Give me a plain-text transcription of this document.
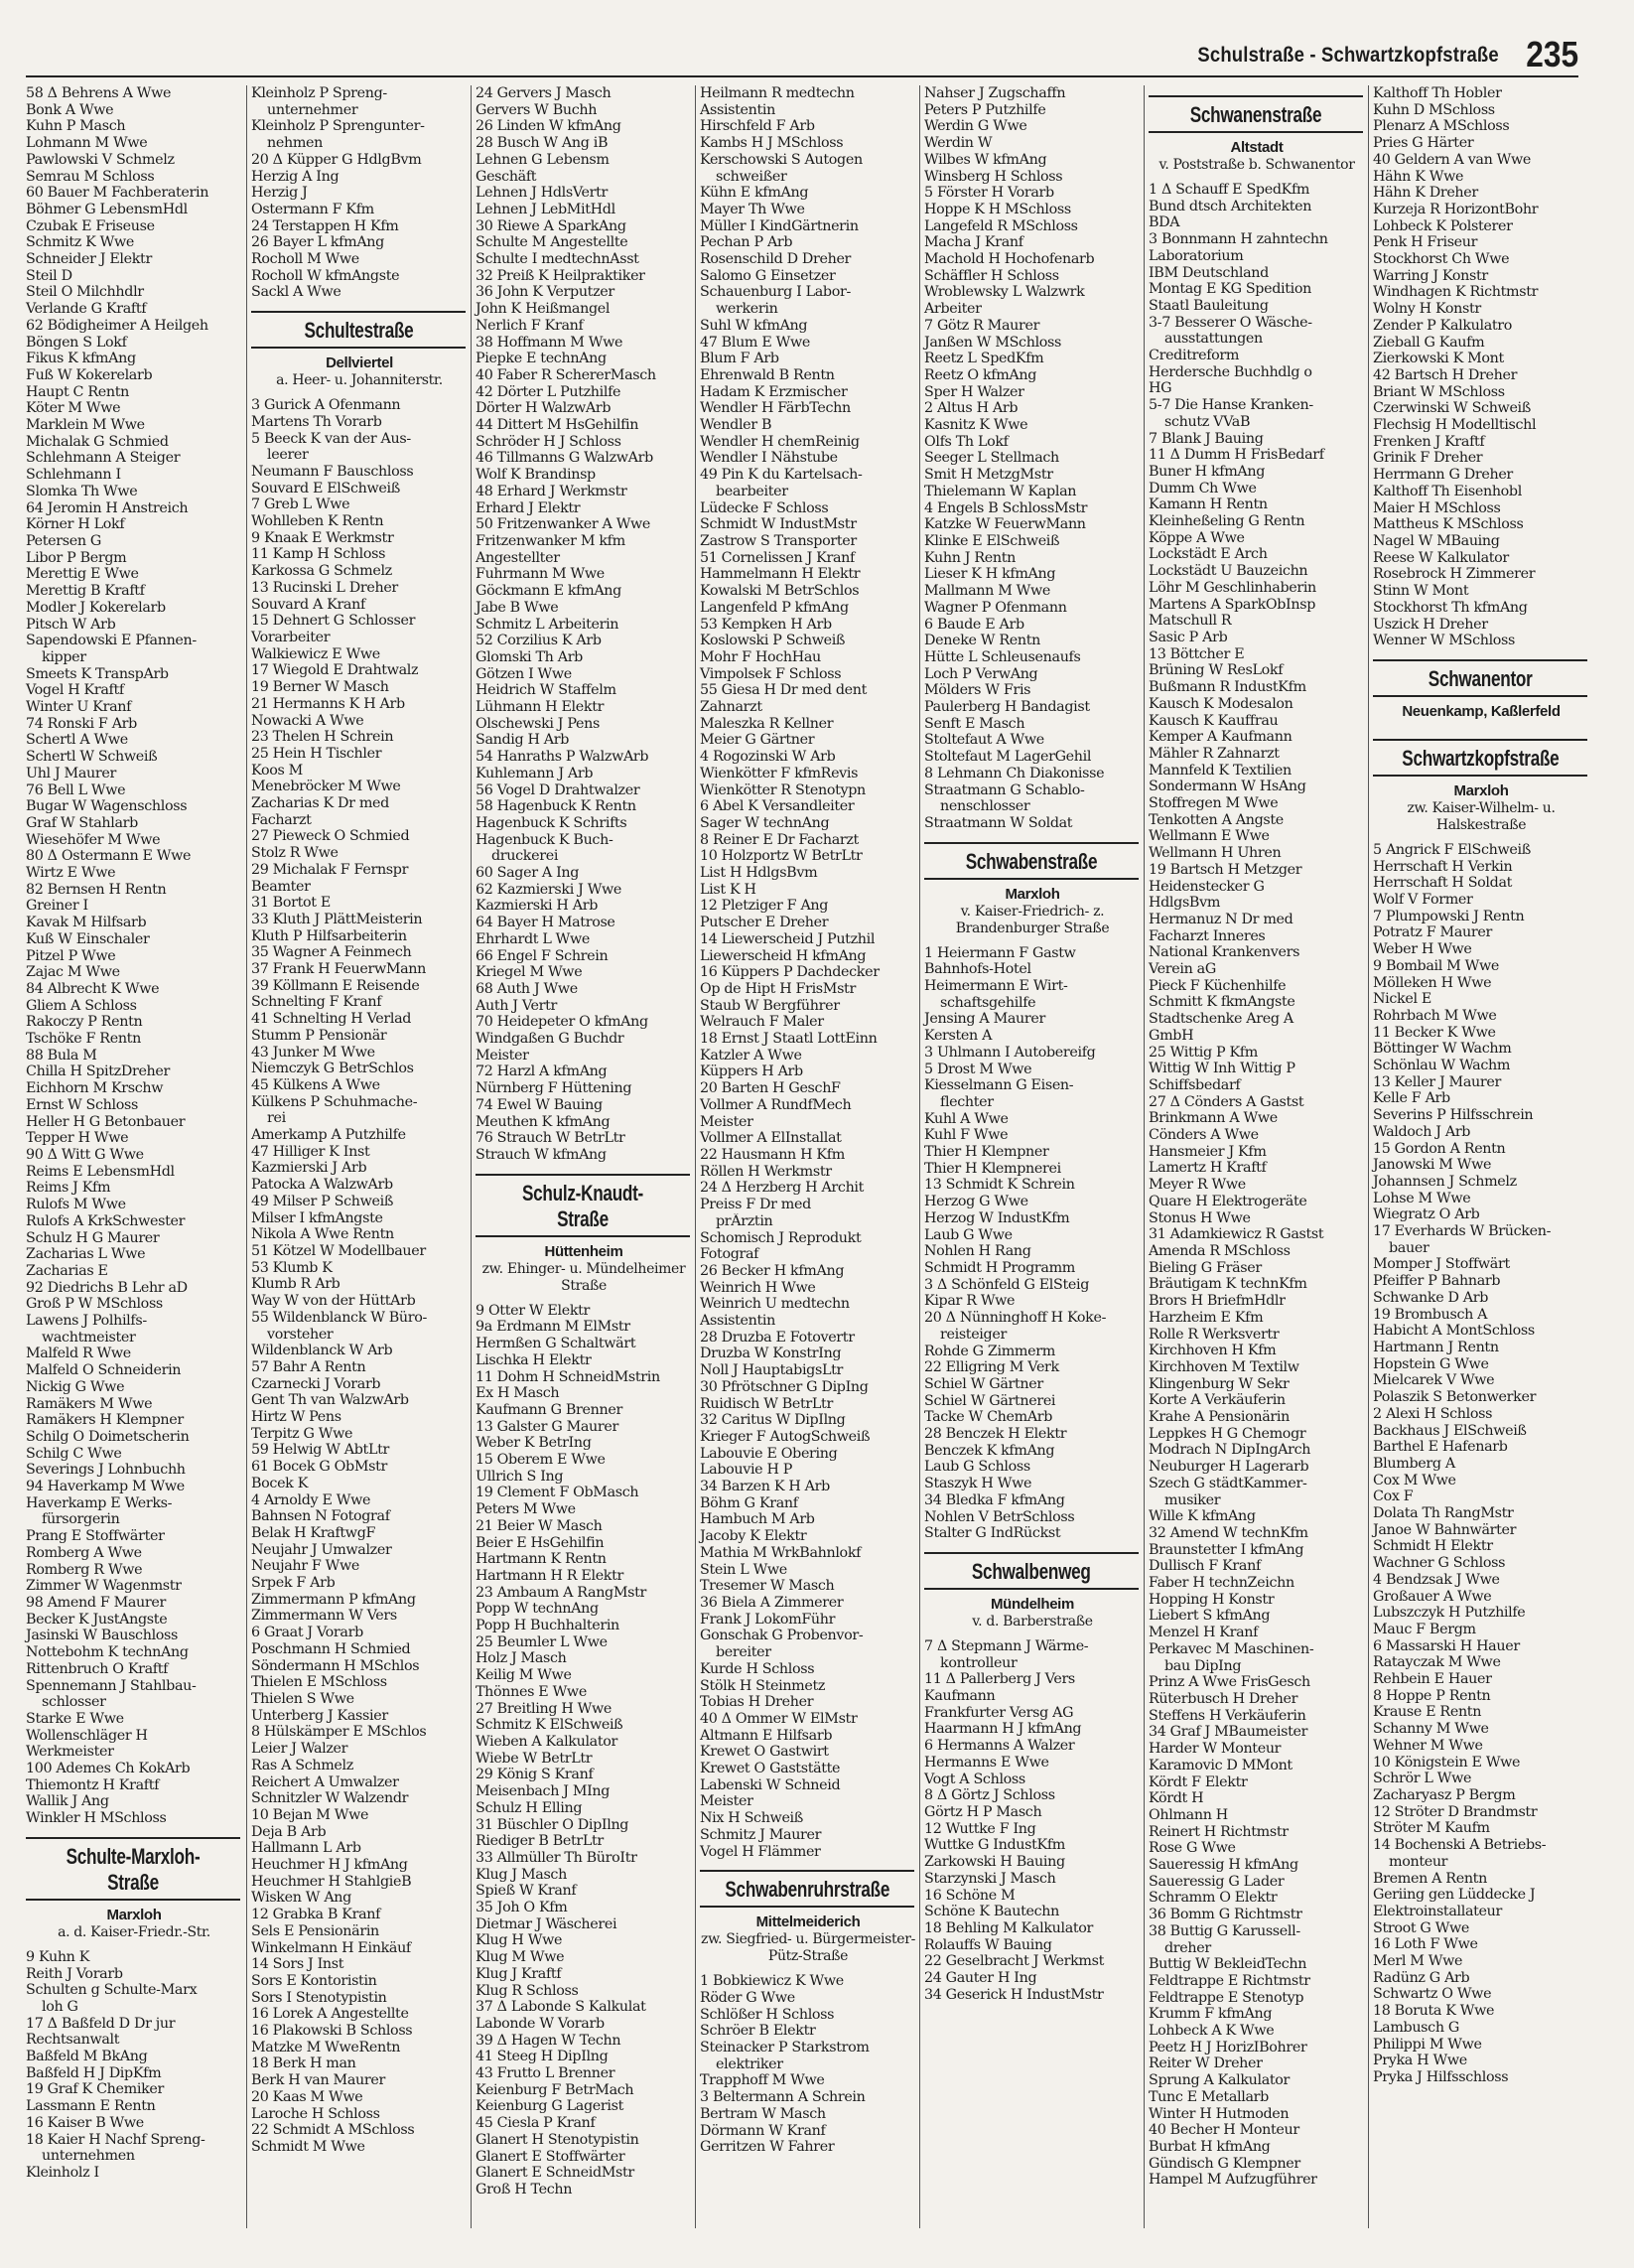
Schulstraße - Schwartzkopfstraße 235
58 Δ Behrens A Wwe
Bonk A Wwe
Kuhn P Masch
Lohmann M Wwe
Pawlowski V Schmelz
Semrau M Schloss
60 Bauer M Fachberaterin
Böhmer G LebensmHdl
Czubak E Friseuse
Schmitz K Wwe
Schneider J Elektr
Steil D
Steil O Milchhdlr
Verlande G Kraftf
62 Bödigheimer A Heilgeh
Böngen S Lokf
Fikus K kfmAng
Fuß W Kokerelarb
Haupt C Rentn
Köter M Wwe
Marklein M Wwe
Michalak G Schmied
Schlehmann A Steiger
Schlehmann I
Slomka Th Wwe
64 Jeromin H Anstreich
Körner H Lokf
Petersen G
Libor P Bergm
Merettig E Wwe
Merettig B Kraftf
Modler J Kokerelarb
Pitsch W Arb
Sapendowski E Pfannen-
kipper
Smeets K TranspArb
Vogel H Kraftf
Winter U Kranf
74 Ronski F Arb
Schertl A Wwe
Schertl W Schweiß
Uhl J Maurer
76 Bell L Wwe
Bugar W Wagenschloss
Graf W Stahlarb
Wiesehöfer M Wwe
80 Δ Ostermann E Wwe
Wirtz E Wwe
82 Bernsen H Rentn
Greiner I
Kavak M Hilfsarb
Kuß W Einschaler
Pitzel P Wwe
Zajac M Wwe
84 Albrecht K Wwe
Gliem A Schloss
Rakoczy P Rentn
Tschöke F Rentn
88 Bula M
Chilla H SpitzDreher
Eichhorn M Krschw
Ernst W Schloss
Heller H G Betonbauer
Tepper H Wwe
90 Δ Witt G Wwe
Reims E LebensmHdl
Reims J Kfm
Rulofs M Wwe
Rulofs A KrkSchwester
Schulz H G Maurer
Zacharias L Wwe
Zacharias E
92 Diedrichs B Lehr aD
Groß P W MSchloss
Lawens J Polhilfs-
wachtmeister
Malfeld R Wwe
Malfeld O Schneiderin
Nickig G Wwe
Ramäkers M Wwe
Ramäkers H Klempner
Schilg O Doimetscherin
Schilg C Wwe
Severings J Lohnbuchh
94 Haverkamp M Wwe
Haverkamp E Werks-
fürsorgerin
Prang E Stoffwärter
Romberg A Wwe
Romberg R Wwe
Zimmer W Wagenmstr
98 Amend F Maurer
Becker K JustAngste
Jasinski W Bauschloss
Nottebohm K technAng
Rittenbruch O Kraftf
Spennemann J Stahlbau-
schlosser
Starke E Wwe
Wollenschläger H
Werkmeister
100 Ademes Ch KokArb
Thiemontz H Kraftf
Wallik J Ang
Winkler H MSchloss
Schulte-Marxloh-Straße
Marxloh
a. d. Kaiser-Friedr.-Str.
9 Kuhn K
Reith J Vorarb
Schulten g Schulte-Marx
loh G
17 Δ Baßfeld D Dr jur
Rechtsanwalt
Baßfeld M BkAng
Baßfeld H J DipKfm
19 Graf K Chemiker
Lassmann E Rentn
16 Kaiser B Wwe
18 Kaier H Nachf Spreng-
unternehmen
Kleinholz I
Kleinholz P Spreng-
unternehmer
Kleinholz P Sprengunter-
nehmen
20 Δ Küpper G HdlgBvm
Herzig A Ing
Herzig J
Ostermann F Kfm
24 Terstappen H Kfm
26 Bayer L kfmAng
Rocholl M Wwe
Rocholl W kfmAngste
Sackl A Wwe
Schultestraße
Dellviertel
a. Heer- u. Johanniterstr.
3 Gurick A Ofenmann
Martens Th Vorarb
5 Beeck K van der Aus-
leerer
Neumann F Bauschloss
Souvard E ElSchweiß
7 Greb L Wwe
Wohlleben K Rentn
9 Knaak E Werkmstr
11 Kamp H Schloss
Karkossa G Schmelz
13 Rucinski L Dreher
Souvard A Kranf
15 Dehnert G Schlosser
Vorarbeiter
Walkiewicz E Wwe
17 Wiegold E Drahtwalz
19 Berner W Masch
21 Hermanns K H Arb
Nowacki A Wwe
23 Thelen H Schrein
25 Hein H Tischler
Koos M
Menebröcker M Wwe
Zacharias K Dr med
Facharzt
27 Pieweck O Schmied
Stolz R Wwe
29 Michalak F Fernspr
Beamter
31 Bortot E
33 Kluth J PlättMeisterin
Kluth P Hilfsarbeiterin
35 Wagner A Feinmech
37 Frank H FeuerwMann
39 Köllmann E Reisende
Schnelting F Kranf
41 Schnelting H Verlad
Stumm P Pensionär
43 Junker M Wwe
Niemczyk G BetrSchlos
45 Külkens A Wwe
Külkens P Schuhmache-
rei
Amerkamp A Putzhilfe
47 Hilliger K Inst
Kazmierski J Arb
Patocka A WalzwArb
49 Milser P Schweiß
Milser I kfmAngste
Nikola A Wwe Rentn
51 Kötzel W Modellbauer
53 Klumb K
Klumb R Arb
Way W von der HüttArb
55 Wildenblanck W Büro-
vorsteher
Wildenblanck W Arb
57 Bahr A Rentn
Czarnecki J Vorarb
Gent Th van WalzwArb
Hirtz W Pens
Terpitz G Wwe
59 Helwig W AbtLtr
61 Bocek G ObMstr
Bocek K
4 Arnoldy E Wwe
Bahnsen N Fotograf
Belak H KraftwgF
Neujahr J Umwalzer
Neujahr F Wwe
Srpek F Arb
Zimmermann P kfmAng
Zimmermann W Vers
6 Graat J Vorarb
Poschmann H Schmied
Söndermann H MSchlos
Thielen E MSchloss
Thielen S Wwe
Unterberg J Kassier
8 Hülskämper E MSchlos
Leier J Walzer
Ras A Schmelz
Reichert A Umwalzer
Schnitzler W Walzendr
10 Bejan M Wwe
Deja B Arb
Hallmann L Arb
Heuchmer H J kfmAng
Heuchmer H StahlgieB
Wisken W Ang
12 Grabka B Kranf
Sels E Pensionärin
Winkelmann H Einkäuf
14 Sors J Inst
Sors E Kontoristin
Sors I Stenotypistin
16 Lorek A Angestellte
16 Plakowski B Schloss
Matzke M WweRentn
18 Berk H man
Berk H van Maurer
20 Kaas M Wwe
Laroche H Schloss
22 Schmidt A MSchloss
Schmidt M Wwe
24 Gervers J Masch
Gervers W Buchh
26 Linden W kfmAng
28 Busch W Ang iB
Lehnen G Lebensm
Geschäft
Lehnen J HdlsVertr
Lehnen J LebMitHdl
30 Riewe A SparkAng
Schulte M Angestellte
Schulte I medtechnAsst
32 Preiß K Heilpraktiker
36 John K Verputzer
John K Heißmangel
Nerlich F Kranf
38 Hoffmann M Wwe
Piepke E technAng
40 Faber R SchererMasch
42 Dörter L Putzhilfe
Dörter H WalzwArb
44 Dittert M HsGehilfin
Schröder H J Schloss
46 Tillmanns G WalzwArb
Wolf K Brandinsp
48 Erhard J Werkmstr
Erhard J Elektr
50 Fritzenwanker A Wwe
Fritzenwanker M kfm
Angestellter
Fuhrmann M Wwe
Göckmann E kfmAng
Jabe B Wwe
Schmitz L Arbeiterin
52 Corzilius K Arb
Glomski Th Arb
Götzen I Wwe
Heidrich W Staffelm
Lühmann H Elektr
Olschewski J Pens
Sandig H Arb
54 Hanraths P WalzwArb
Kuhlemann J Arb
56 Vogel D Drahtwalzer
58 Hagenbuck K Rentn
Hagenbuck K Schrifts
Hagenbuck K Buch-
druckerei
60 Sager A Ing
62 Kazmierski J Wwe
Kazmierski H Arb
64 Bayer H Matrose
Ehrhardt L Wwe
66 Engel F Schrein
Kriegel M Wwe
68 Auth J Wwe
Auth J Vertr
70 Heidepeter O kfmAng
Windgaßen G Buchdr
Meister
72 Harzl A kfmAng
Nürnberg F Hüttening
74 Ewel W Bauing
Meuthen K kfmAng
76 Strauch W BetrLtr
Strauch W kfmAng
Schulz-Knaudt-Straße
Hüttenheim
zw. Ehinger- u. Mündelheimer Straße
9 Otter W Elektr
9a Erdmann M ElMstr
Hermßen G Schaltwärt
Lischka H Elektr
11 Dohm H SchneidMstrin
Ex H Masch
Kaufmann G Brenner
13 Galster G Maurer
Weber K BetrIng
15 Oberem E Wwe
Ullrich S Ing
19 Clement F ObMasch
Peters M Wwe
21 Beier W Masch
Beier E HsGehilfin
Hartmann K Rentn
Hartmann H R Elektr
23 Ambaum A RangMstr
Popp W technAng
Popp H Buchhalterin
25 Beumler L Wwe
Holz J Masch
Keilig M Wwe
Thönnes E Wwe
27 Breitling H Wwe
Schmitz K ElSchweiß
Wieben A Kalkulator
Wiebe W BetrLtr
29 König S Kranf
Meisenbach J MIng
Schulz H Elling
31 Büschler O DipIlng
Riediger B BetrLtr
33 Allmüller Th BüroItr
Klug J Masch
Spieß W Kranf
35 Joh O Kfm
Dietmar J Wäscherei
Klug H Wwe
Klug M Wwe
Klug J Kraftf
Klug R Schloss
37 Δ Labonde S Kalkulat
Labonde W Vorarb
39 Δ Hagen W Techn
41 Steeg H DipIlng
43 Frutto L Brenner
Keienburg F BetrMach
Keienburg G Lagerist
45 Ciesla P Kranf
Glanert H Stenotypistin
Glanert E Stoffwärter
Glanert E SchneidMstr
Groß H Techn
Heilmann R medtechn
Assistentin
Hirschfeld F Arb
Kambs H J MSchloss
Kerschowski S Autogen
schweißer
Kühn E kfmAng
Mayer Th Wwe
Müller I KindGärtnerin
Pechan P Arb
Rosenschild D Dreher
Salomo G Einsetzer
Schauenburg I Labor-
werkerin
Suhl W kfmAng
47 Blum E Wwe
Blum F Arb
Ehrenwald B Rentn
Hadam K Erzmischer
Wendler H FärbTechn
Wendler B
Wendler H chemReinig
Wendler I Nähstube
49 Pin K du Kartelsach-
bearbeiter
Lüdecke F Schloss
Schmidt W IndustMstr
Zastrow S Transporter
51 Cornelissen J Kranf
Hammelmann H Elektr
Kowalski M BetrSchlos
Langenfeld P kfmAng
53 Kempken H Arb
Koslowski P Schweiß
Mohr F HochHau
Vimpolsek F Schloss
55 Giesa H Dr med dent
Zahnarzt
Maleszka R Kellner
Meier G Gärtner
4 Rogozinski W Arb
Wienkötter F kfmRevis
Wienkötter R Stenotypn
6 Abel K Versandleiter
Sager W technAng
8 Reiner E Dr Facharzt
10 Holzportz W BetrLtr
List H HdlgsBvm
List K H
12 Pletziger F Ang
Putscher E Dreher
14 Liewerscheid J Putzhil
Liewerscheid H kfmAng
16 Küppers P Dachdecker
Op de Hipt H FrisMstr
Staub W Bergführer
Welrauch F Maler
18 Ernst J Staatl LottEinn
Katzler A Wwe
Küppers H Arb
20 Barten H GeschF
Vollmer A RundfMech
Meister
Vollmer A ElInstallat
22 Hausmann H Kfm
Röllen H Werkmstr
24 Δ Herzberg H Archit
Preiss F Dr med
prÄrztin
Schomisch J Reprodukt
Fotograf
26 Becker H kfmAng
Weinrich H Wwe
Weinrich U medtechn
Assistentin
28 Druzba E Fotovertr
Druzba W KonstrIng
Noll J HauptabigsLtr
30 Pfrötschner G DipIng
Ruidisch W BetrLtr
32 Caritus W DipIlng
Krieger F AutogSchweiß
Labouvie E Obering
Labouvie H P
34 Barzen K H Arb
Böhm G Kranf
Hambuch M Arb
Jacoby K Elektr
Mathia M WrkBahnlokf
Stein L Wwe
Tresemer W Masch
36 Biela A Zimmerer
Frank J LokomFühr
Gonschak G Probenvor-
bereiter
Kurde H Schloss
Stölk H Steinmetz
Tobias H Dreher
40 Δ Ommer W ElMstr
Altmann E Hilfsarb
Krewet O Gastwirt
Krewet O Gaststätte
Labenski W Schneid
Meister
Nix H Schweiß
Schmitz J Maurer
Vogel H Flämmer
Schwabenruhrstraße
Mittelmeiderich
zw. Siegfried- u. Bürgermeister-Pütz-Straße
1 Bobkiewicz K Wwe
Röder G Wwe
Schlößer H Schloss
Schröer B Elektr
Steinacker P Starkstrom
elektriker
Trapphoff M Wwe
3 Beltermann A Schrein
Bertram W Masch
Dörmann W Kranf
Gerritzen W Fahrer
Nahser J Zugschaffn
Peters P Putzhilfe
Werdin G Wwe
Werdin W
Wilbes W kfmAng
Winsberg H Schloss
5 Förster H Vorarb
Hoppe K H MSchloss
Langefeld R MSchloss
Macha J Kranf
Machold H Hochofenarb
Schäffler H Schloss
Wroblewsky L Walzwrk
Arbeiter
7 Götz R Maurer
Janßen W MSchloss
Reetz L SpedKfm
Reetz O kfmAng
Sper H Walzer
2 Altus H Arb
Kasnitz K Wwe
Olfs Th Lokf
Seeger L Stellmach
Smit H MetzgMstr
Thielemann W Kaplan
4 Engels B SchlossMstr
Katzke W FeuerwMann
Klinke E ElSchweiß
Kuhn J Rentn
Lieser K H kfmAng
Mallmann M Wwe
Wagner P Ofenmann
6 Baude E Arb
Deneke W Rentn
Hütte L Schleusenaufs
Loch P VerwAng
Mölders W Fris
Paulerberg H Bandagist
Senft E Masch
Stoltefaut A Wwe
Stoltefaut M LagerGehil
8 Lehmann Ch Diakonisse
Straatmann G Schablo-
nenschlosser
Straatmann W Soldat
Schwabenstraße
Marxloh
v. Kaiser-Friedrich- z. Brandenburger Straße
1 Heiermann F Gastw
Bahnhofs-Hotel
Heimermann E Wirt-
schaftsgehilfe
Jensing A Maurer
Kersten A
3 Uhlmann I Autobereifg
5 Drost M Wwe
Kiesselmann G Eisen-
flechter
Kuhl A Wwe
Kuhl F Wwe
Thier H Klempner
Thier H Klempnerei
13 Schmidt K Schrein
Herzog G Wwe
Herzog W IndustKfm
Laub G Wwe
Nohlen H Rang
Schmidt H Programm
3 Δ Schönfeld G ElSteig
Kipar R Wwe
20 Δ Nünninghoff H Koke-
reisteiger
Rohde G Zimmerm
22 Elligring M Verk
Schiel W Gärtner
Schiel W Gärtnerei
Tacke W ChemArb
28 Benczek H Elektr
Benczek K kfmAng
Laub G Schloss
Staszyk H Wwe
34 Bledka F kfmAng
Nohlen V BetrSchloss
Stalter G IndRückst
Schwalbenweg
Mündelheim
v. d. Barberstraße
7 Δ Stepmann J Wärme-
kontrolleur
11 Δ Pallerberg J Vers
Kaufmann
Frankfurter Versg AG
Haarmann H J kfmAng
6 Hermanns A Walzer
Hermanns E Wwe
Vogt A Schloss
8 Δ Görtz J Schloss
Görtz H P Masch
12 Wuttke F Ing
Wuttke G IndustKfm
Zarkowski H Bauing
Starzynski J Masch
16 Schöne M
Schöne K Bautechn
18 Behling M Kalkulator
Rolauffs W Bauing
22 Geselbracht J Werkmst
24 Gauter H Ing
34 Geserick H IndustMstr
Schwanenstraße
Altstadt
v. Poststraße b. Schwanentor
1 Δ Schauff E SpedKfm
Bund dtsch Architekten
BDA
3 Bonnmann H zahntechn
Laboratorium
IBM Deutschland
Montag E KG Spedition
Staatl Bauleitung
3-7 Besserer O Wäsche-
ausstattungen
Creditreform
Herdersche Buchhdlg o
HG
5-7 Die Hanse Kranken-
schutz VVaB
7 Blank J Bauing
11 Δ Dumm H FrisBedarf
Buner H kfmAng
Dumm Ch Wwe
Kamann H Rentn
Kleinheßeling G Rentn
Köppe A Wwe
Lockstädt E Arch
Lockstädt U Bauzeichn
Löhr M Geschlinhaberin
Martens A SparkObInsp
Matschull R
Sasic P Arb
13 Böttcher E
Brüning W ResLokf
Bußmann R IndustKfm
Kausch K Modesalon
Kausch K Kauffrau
Kemper A Kaufmann
Mähler R Zahnarzt
Mannfeld K Textilien
Sondermann W HsAng
Stoffregen M Wwe
Tenkotten A Angste
Wellmann E Wwe
Wellmann H Uhren
19 Bartsch H Metzger
Heidenstecker G
HdlgsBvm
Hermanuz N Dr med
Facharzt Inneres
National Krankenvers
Verein aG
Pieck F Küchenhilfe
Schmitt K fkmAngste
Stadtschenke Areg A
GmbH
25 Wittig P Kfm
Wittig W Inh Wittig P
Schiffsbedarf
27 Δ Cönders A Gastst
Brinkmann A Wwe
Cönders A Wwe
Hansmeier J Kfm
Lamertz H Kraftf
Meyer R Wwe
Quare H Elektrogeräte
Stonus H Wwe
31 Adamkiewicz R Gastst
Amenda R MSchloss
Bieling G Fräser
Bräutigam K technKfm
Brors H BriefmHdlr
Harzheim E Kfm
Rolle R Werksvertr
Kirchhoven H Kfm
Kirchhoven M Textilw
Klingenburg W Sekr
Korte A Verkäuferin
Krahe A Pensionärin
Leppkes H G Chemogr
Modrach N DipIngArch
Neuburger H Lagerarb
Szech G städtKammer-
musiker
Wille K kfmAng
32 Amend W technKfm
Braunstetter I kfmAng
Dullisch F Kranf
Faber H technZeichn
Hopping H Konstr
Liebert S kfmAng
Menzel H Kranf
Perkavec M Maschinen-
bau DipIng
Prinz A Wwe FrisGesch
Rüterbusch H Dreher
Steffens H Verkäuferin
34 Graf J MBaumeister
Harder W Monteur
Karamovic D MMont
Kördt F Elektr
Kördt H
Ohlmann H
Reinert H Richtmstr
Rose G Wwe
Saueressig H kfmAng
Saueressig G Lader
Schramm O Elektr
36 Bomm G Richtmstr
38 Buttig G Karussell-
dreher
Buttig W BekleidTechn
Feldtrappe E Richtmstr
Feldtrappe E Stenotyp
Krumm F kfmAng
Lohbeck A K Wwe
Peetz H J HorizIBohrer
Reiter W Dreher
Sprung A Kalkulator
Tunc E Metallarb
Winter H Hutmoden
40 Becher H Monteur
Burbat H kfmAng
Gündisch G Klempner
Hampel M Aufzugführer
Kalthoff Th Hobler
Kuhn D MSchloss
Plenarz A MSchloss
Pries G Härter
40 Geldern A van Wwe
Hähn K Wwe
Hähn K Dreher
Kurzeja R HorizontBohr
Lohbeck K Polsterer
Penk H Friseur
Stockhorst Ch Wwe
Warring J Konstr
Windhagen K Richtmstr
Wolny H Konstr
Zender P Kalkulatro
Zieball G Kaufm
Zierkowski K Mont
42 Bartsch H Dreher
Briant W MSchloss
Czerwinski W Schweiß
Flechsig H Modelltischl
Frenken J Kraftf
Grinik F Dreher
Herrmann G Dreher
Kalthoff Th Eisenhobl
Maier H MSchloss
Mattheus K MSchloss
Nagel W MBauing
Reese W Kalkulator
Rosebrock H Zimmerer
Stinn W Mont
Stockhorst Th kfmAng
Uszick H Dreher
Wenner W MSchloss
Schwanentor
Neuenkamp, Kaßlerfeld
Schwartzkopfstraße
Marxloh
zw. Kaiser-Wilhelm- u. Halskestraße
5 Angrick F ElSchweiß
Herrschaft H Verkin
Herrschaft H Soldat
Wolf V Former
7 Plumpowski J Rentn
Potratz F Maurer
Weber H Wwe
9 Bombail M Wwe
Mölleken H Wwe
Nickel E
Rohrbach M Wwe
11 Becker K Wwe
Böttinger W Wachm
Schönlau W Wachm
13 Keller J Maurer
Kelle F Arb
Severins P Hilfsschrein
Waldoch J Arb
15 Gordon A Rentn
Janowski M Wwe
Johannsen J Schmelz
Lohse M Wwe
Wiegratz O Arb
17 Everhards W Brücken-
bauer
Momper J Stoffwärt
Pfeiffer P Bahnarb
Schwanke D Arb
19 Brombusch A
Habicht A MontSchloss
Hartmann J Rentn
Hopstein G Wwe
Mielcarek V Wwe
Polaszik S Betonwerker
2 Alexi H Schloss
Backhaus J ElSchweiß
Barthel E Hafenarb
Blumberg A
Cox M Wwe
Cox F
Dolata Th RangMstr
Janoe W Bahnwärter
Schmidt H Elektr
Wachner G Schloss
4 Bendzsak J Wwe
Großauer A Wwe
Lubszczyk H Putzhilfe
Mauc F Bergm
6 Massarski H Hauer
Ratayczak M Wwe
Rehbein E Hauer
8 Hoppe P Rentn
Krause E Rentn
Schanny M Wwe
Wehner M Wwe
10 Königstein E Wwe
Schrör L Wwe
Zacharyasz P Bergm
12 Ströter D Brandmstr
Ströter M Kaufm
14 Bochenski A Betriebs-
monteur
Bremen A Rentn
Geriing gen Lüddecke J
Elektroinstallateur
Stroot G Wwe
16 Loth F Wwe
Merl M Wwe
Radünz G Arb
Schwartz O Wwe
18 Boruta K Wwe
Lambusch G
Philippi M Wwe
Pryka H Wwe
Pryka J Hilfsschloss
